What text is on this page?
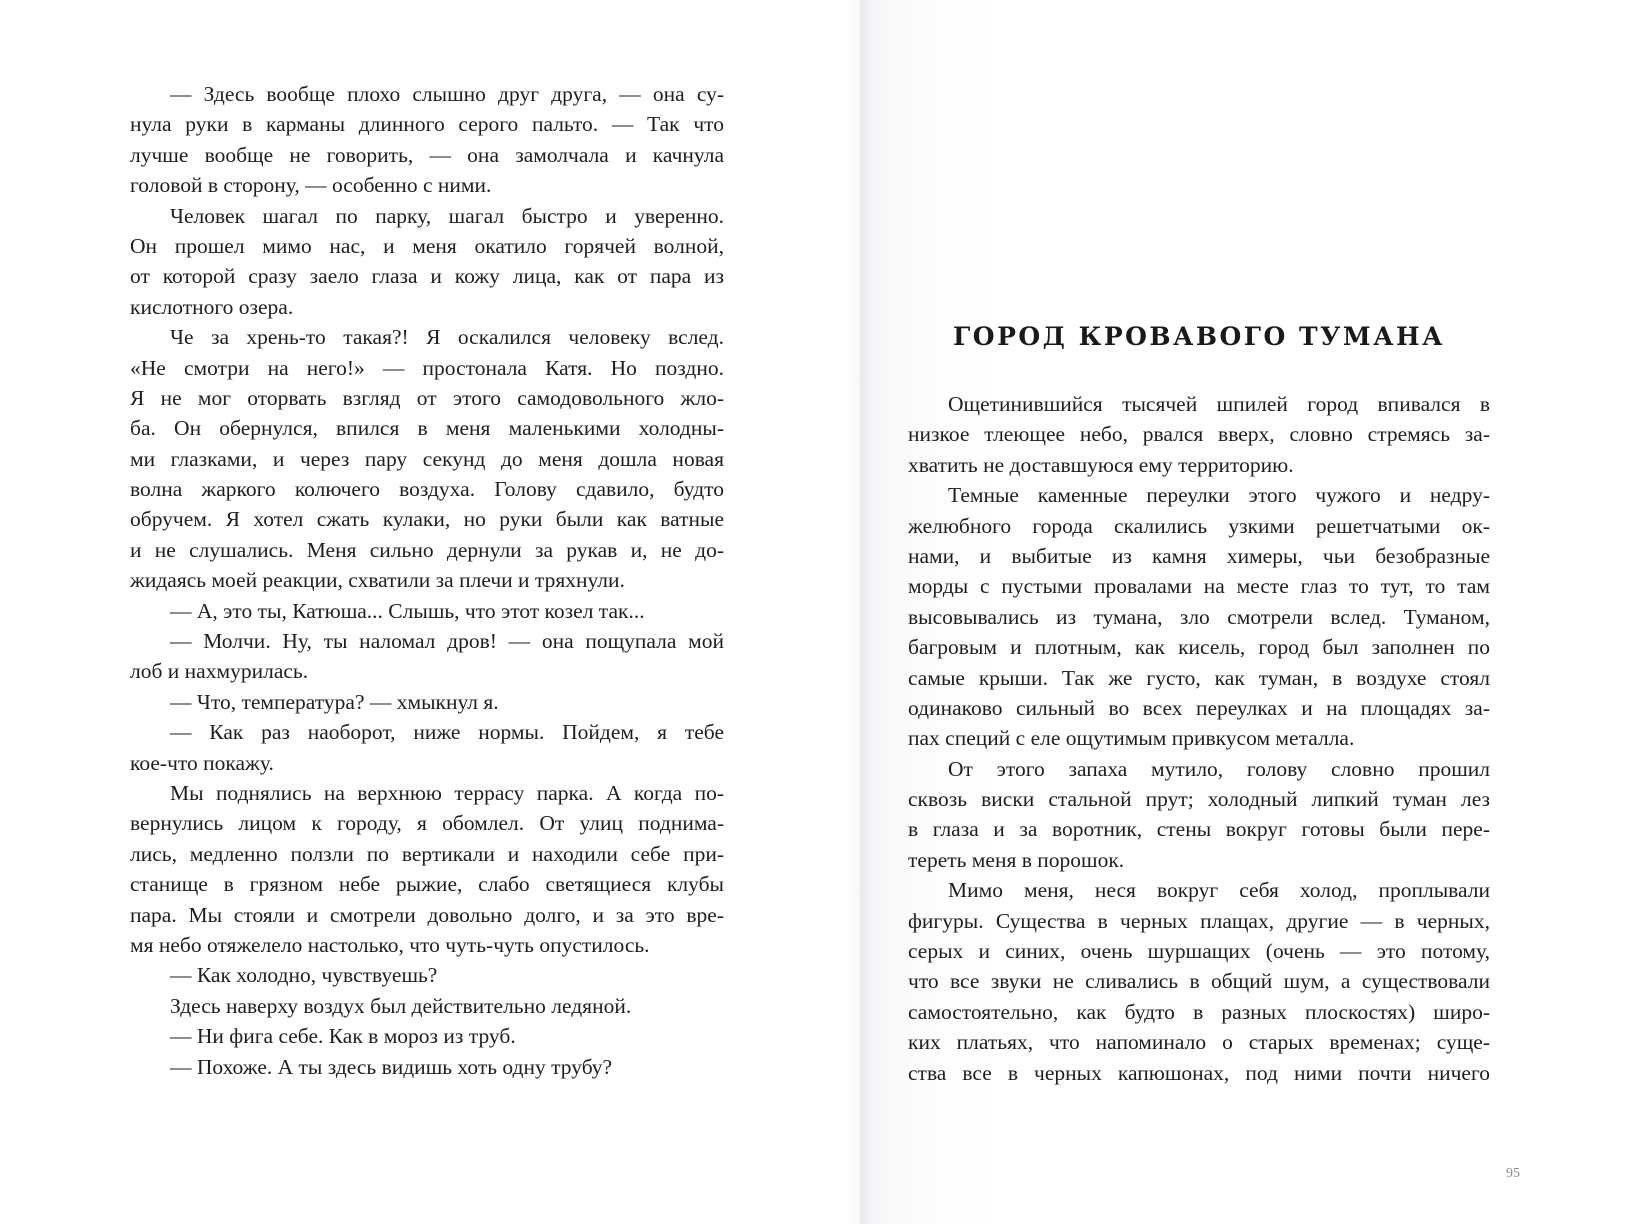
— Здесь вообще плохо слышно друг друга, — она су-
нула руки в карманы длинного серого пальто. — Так что
лучше вообще не говорить, — она замолчала и качнула
головой в сторону, — особенно с ними.
Человек шагал по парку, шагал быстро и уверенно.
Он прошел мимо нас, и меня окатило горячей волной,
от которой сразу заело глаза и кожу лица, как от пара из
кислотного озера.
Че за хрень-то такая?! Я оскалился человеку вслед.
«Не смотри на него!» — простонала Катя. Но поздно.
Я не мог оторвать взгляд от этого самодовольного жло-
ба. Он обернулся, впился в меня маленькими холодны-
ми глазками, и через пару секунд до меня дошла новая
волна жаркого колючего воздуха. Голову сдавило, будто
обручем. Я хотел сжать кулаки, но руки были как ватные
и не слушались. Меня сильно дернули за рукав и, не до-
жидаясь моей реакции, схватили за плечи и тряхнули.
— А, это ты, Катюша... Слышь, что этот козел так...
— Молчи. Ну, ты наломал дров! — она пощупала мой
лоб и нахмурилась.
— Что, температура? — хмыкнул я.
— Как раз наоборот, ниже нормы. Пойдем, я тебе
кое-что покажу.
Мы поднялись на верхнюю террасу парка. А когда по-
вернулись лицом к городу, я обомлел. От улиц поднима-
лись, медленно ползли по вертикали и находили себе при-
станище в грязном небе рыжие, слабо светящиеся клубы
пара. Мы стояли и смотрели довольно долго, и за это вре-
мя небо отяжелело настолько, что чуть-чуть опустилось.
— Как холодно, чувствуешь?
Здесь наверху воздух был действительно ледяной.
— Ни фига себе. Как в мороз из труб.
— Похоже. А ты здесь видишь хоть одну трубу?
ГОРОД КРОВАВОГО ТУМАНА
Ощетинившийся тысячей шпилей город впивался в
низкое тлеющее небо, рвался вверх, словно стремясь за-
хватить не доставшуюся ему территорию.
Темные каменные переулки этого чужого и недру-
желюбного города скалились узкими решетчатыми ок-
нами, и выбитые из камня химеры, чьи безобразные
морды с пустыми провалами на месте глаз то тут, то там
высовывались из тумана, зло смотрели вслед. Туманом,
багровым и плотным, как кисель, город был заполнен по
самые крыши. Так же густо, как туман, в воздухе стоял
одинаково сильный во всех переулках и на площадях за-
пах специй с еле ощутимым привкусом металла.
От этого запаха мутило, голову словно прошил
сквозь виски стальной прут; холодный липкий туман лез
в глаза и за воротник, стены вокруг готовы были пере-
тереть меня в порошок.
Мимо меня, неся вокруг себя холод, проплывали
фигуры. Существа в черных плащах, другие — в черных,
серых и синих, очень шуршащих (очень — это потому,
что все звуки не сливались в общий шум, а существовали
самостоятельно, как будто в разных плоскостях) широ-
ких платьях, что напоминало о старых временах; суще-
ства все в черных капюшонах, под ними почти ничего
95
